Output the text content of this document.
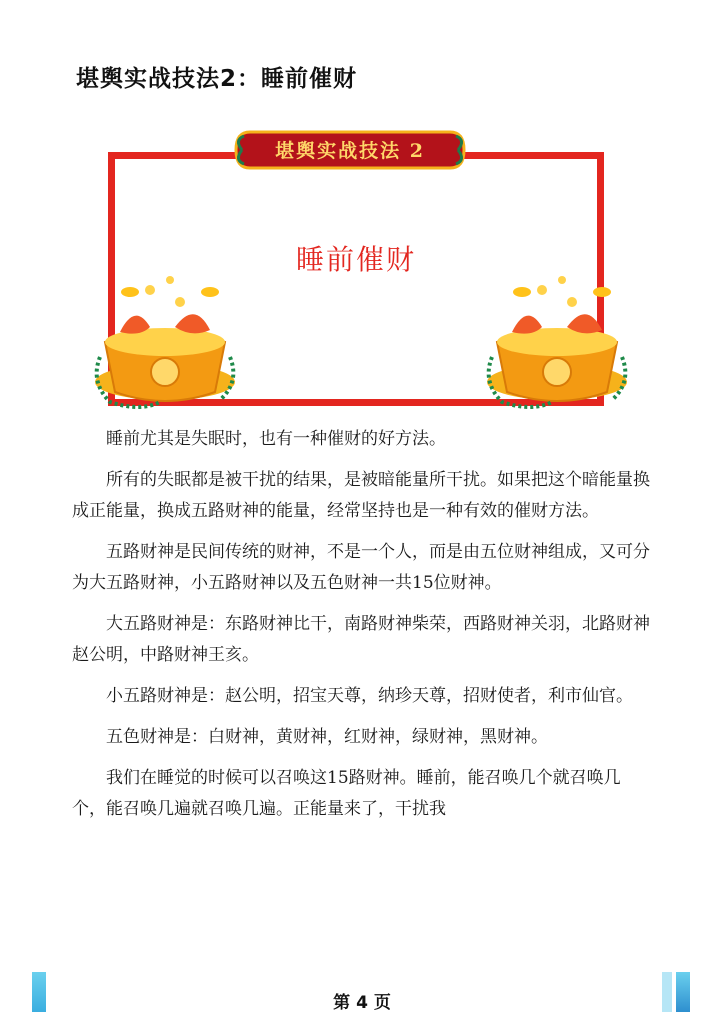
堪舆实战技法2：睡前催财
堪舆实战技法 2
睡前催财

睡前尤其是失眠时，也有一种催财的好方法。

所有的失眠都是被干扰的结果，是被暗能量所干扰。如果把这个暗能量换成正能量，换成五路财神的能量，经常坚持也是一种有效的催财方法。

五路财神是民间传统的财神，不是一个人，而是由五位财神组成，又可分为大五路财神，小五路财神以及五色财神一共15位财神。

大五路财神是：东路财神比干，南路财神柴荣，西路财神关羽，北路财神赵公明，中路财神王亥。

小五路财神是：赵公明，招宝天尊，纳珍天尊，招财使者，利市仙官。

五色财神是：白财神，黄财神，红财神，绿财神，黑财神。

我们在睡觉的时候可以召唤这15路财神。睡前，能召唤几个就召唤几个，能召唤几遍就召唤几遍。正能量来了，干扰我

第 4 页
